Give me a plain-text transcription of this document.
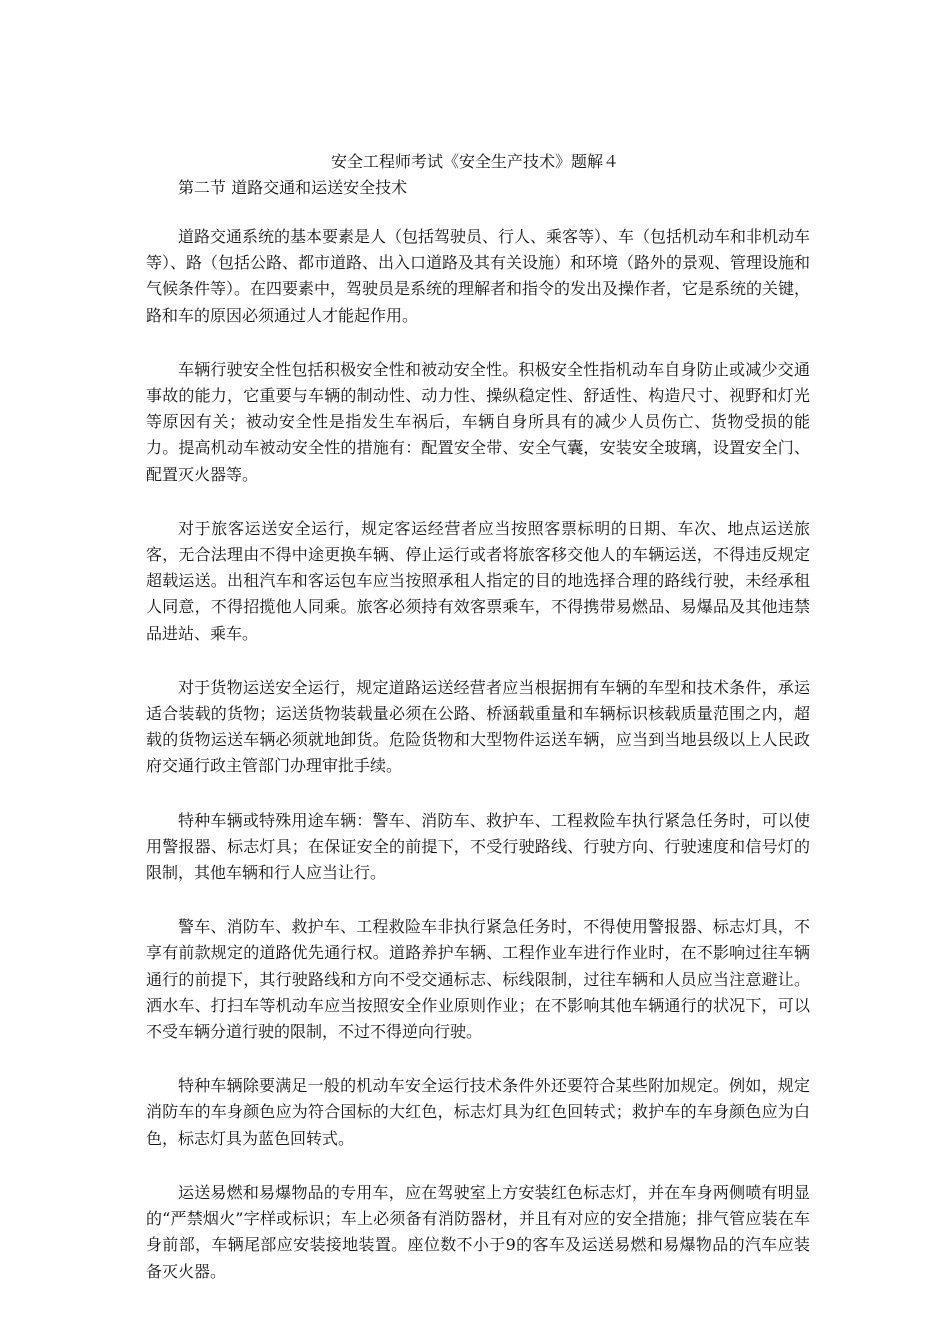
安全工程师考试《安全生产技术》题解４
第二节 道路交通和运送安全技术

道路交通系统的基本要素是人（包括驾驶员、行人、乘客等）、车（包括机动车和非机动车等）、路（包括公路、都市道路、出入口道路及其有关设施）和环境（路外的景观、管理设施和气候条件等）。在四要素中，驾驶员是系统的理解者和指令的发出及操作者，它是系统的关键，路和车的原因必须通过人才能起作用。

车辆行驶安全性包括积极安全性和被动安全性。积极安全性指机动车自身防止或减少交通事故的能力，它重要与车辆的制动性、动力性、操纵稳定性、舒适性、构造尺寸、视野和灯光等原因有关；被动安全性是指发生车祸后，车辆自身所具有的减少人员伤亡、货物受损的能力。提高机动车被动安全性的措施有：配置安全带、安全气囊，安装安全玻璃，设置安全门、配置灭火器等。

对于旅客运送安全运行，规定客运经营者应当按照客票标明的日期、车次、地点运送旅客，无合法理由不得中途更换车辆、停止运行或者将旅客移交他人的车辆运送，不得违反规定超载运送。出租汽车和客运包车应当按照承租人指定的目的地选择合理的路线行驶，未经承租人同意，不得招揽他人同乘。旅客必须持有效客票乘车，不得携带易燃品、易爆品及其他违禁品进站、乘车。

对于货物运送安全运行，规定道路运送经营者应当根据拥有车辆的车型和技术条件，承运适合装载的货物；运送货物装载量必须在公路、桥涵载重量和车辆标识核载质量范围之内，超载的货物运送车辆必须就地卸货。危险货物和大型物件运送车辆，应当到当地县级以上人民政府交通行政主管部门办理审批手续。

特种车辆或特殊用途车辆：警车、消防车、救护车、工程救险车执行紧急任务时，可以使用警报器、标志灯具；在保证安全的前提下，不受行驶路线、行驶方向、行驶速度和信号灯的限制，其他车辆和行人应当让行。

警车、消防车、救护车、工程救险车非执行紧急任务时，不得使用警报器、标志灯具，不享有前款规定的道路优先通行权。道路养护车辆、工程作业车进行作业时，在不影响过往车辆通行的前提下，其行驶路线和方向不受交通标志、标线限制，过往车辆和人员应当注意避让。洒水车、打扫车等机动车应当按照安全作业原则作业；在不影响其他车辆通行的状况下，可以不受车辆分道行驶的限制，不过不得逆向行驶。

特种车辆除要满足一般的机动车安全运行技术条件外还要符合某些附加规定。例如，规定消防车的车身颜色应为符合国标的大红色，标志灯具为红色回转式；救护车的车身颜色应为白色，标志灯具为蓝色回转式。

运送易燃和易爆物品的专用车，应在驾驶室上方安装红色标志灯，并在车身两侧喷有明显的“严禁烟火”字样或标识；车上必须备有消防器材，并且有对应的安全措施；排气管应装在车身前部，车辆尾部应安装接地装置。座位数不小于9的客车及运送易燃和易爆物品的汽车应装备灭火器。
